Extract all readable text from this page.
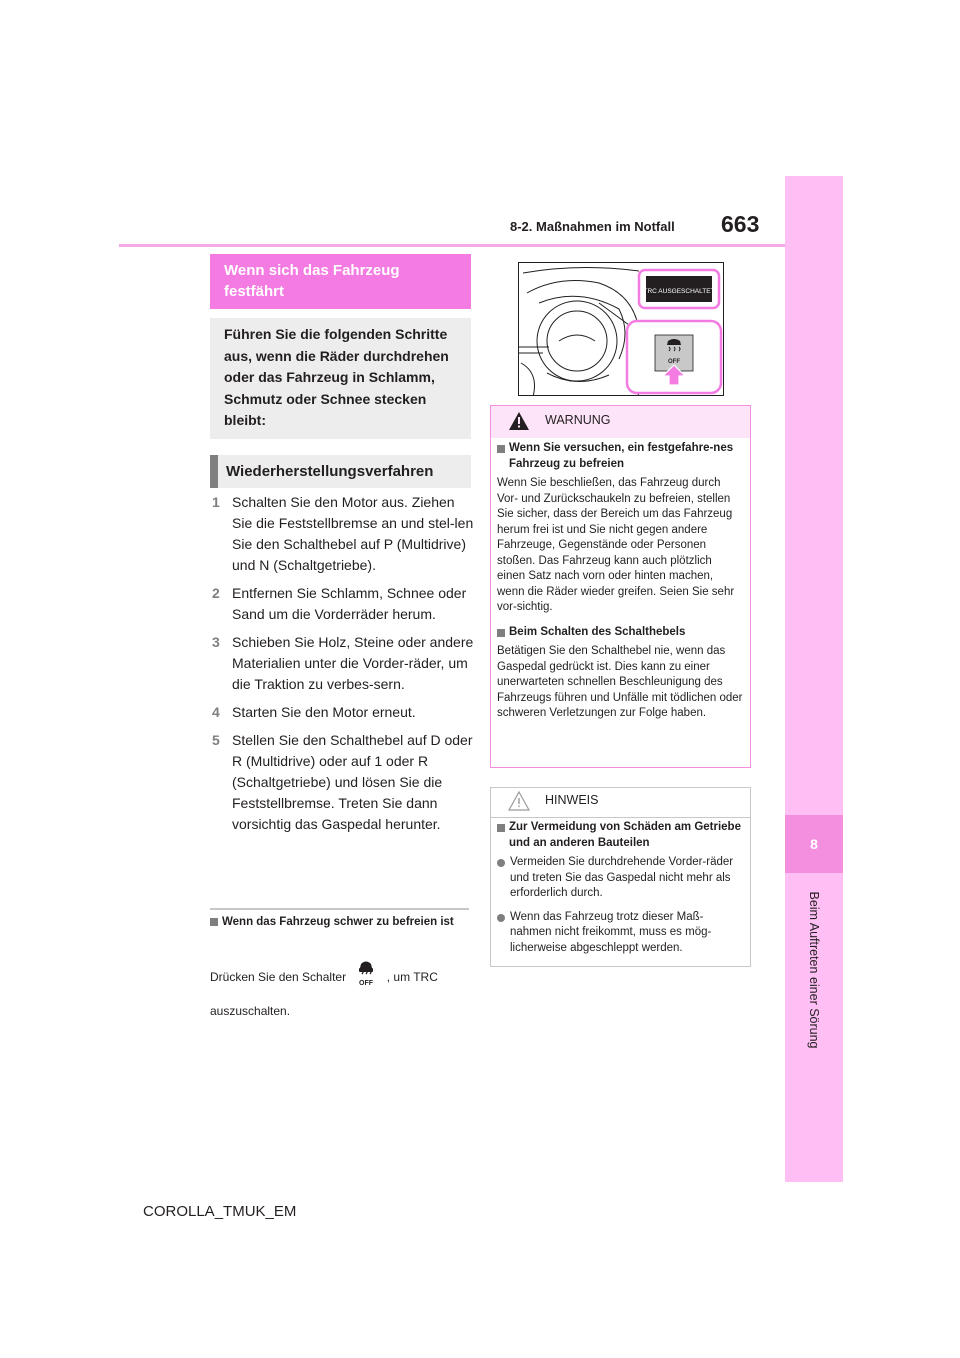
663
8-2. Maßnahmen im Notfall
8
Beim Auftreten einer Sörung
Wenn sich das Fahrzeug festfährt
Führen Sie die folgenden Schritte aus, wenn die Räder durchdrehen oder das Fahrzeug in Schlamm, Schmutz oder Schnee stecken bleibt:
Wiederherstellungsverfahren
1 Schalten Sie den Motor aus. Ziehen Sie die Feststellbremse an und stel-len Sie den Schalthebel auf P (Multidrive) und N (Schaltgetriebe).
2 Entfernen Sie Schlamm, Schnee oder Sand um die Vorderräder herum.
3 Schieben Sie Holz, Steine oder andere Materialien unter die Vorder-räder, um die Traktion zu verbes-sern.
4 Starten Sie den Motor erneut.
5 Stellen Sie den Schalthebel auf D oder R (Multidrive) oder auf 1 oder R (Schaltgetriebe) und lösen Sie die Feststellbremse. Treten Sie dann vorsichtig das Gaspedal herunter.
Wenn das Fahrzeug schwer zu befreien ist
Drücken Sie den Schalter OFF , um TRC auszuschalten.
TRC AUSGESCHALTET
OFF
WARNUNG
Wenn Sie versuchen, ein festgefahre-nes Fahrzeug zu befreien
Wenn Sie beschließen, das Fahrzeug durch Vor- und Zurückschaukeln zu befreien, stellen Sie sicher, dass der Bereich um das Fahrzeug herum frei ist und Sie nicht gegen andere Fahrzeuge, Gegenstände oder Personen stoßen. Das Fahrzeug kann auch plötzlich einen Satz nach vorn oder hinten machen, wenn die Räder wieder greifen. Seien Sie sehr vor-sichtig.
Beim Schalten des Schalthebels
Betätigen Sie den Schalthebel nie, wenn das Gaspedal gedrückt ist. Dies kann zu einer unerwarteten schnellen Beschleunigung des Fahrzeugs führen und Unfälle mit tödlichen oder schweren Verletzungen zur Folge haben.
HINWEIS
Zur Vermeidung von Schäden am Getriebe und an anderen Bauteilen
Vermeiden Sie durchdrehende Vorder-räder und treten Sie das Gaspedal nicht mehr als erforderlich durch.
Wenn das Fahrzeug trotz dieser Maß-nahmen nicht freikommt, muss es mög-licherweise abgeschleppt werden.
COROLLA_TMUK_EM
